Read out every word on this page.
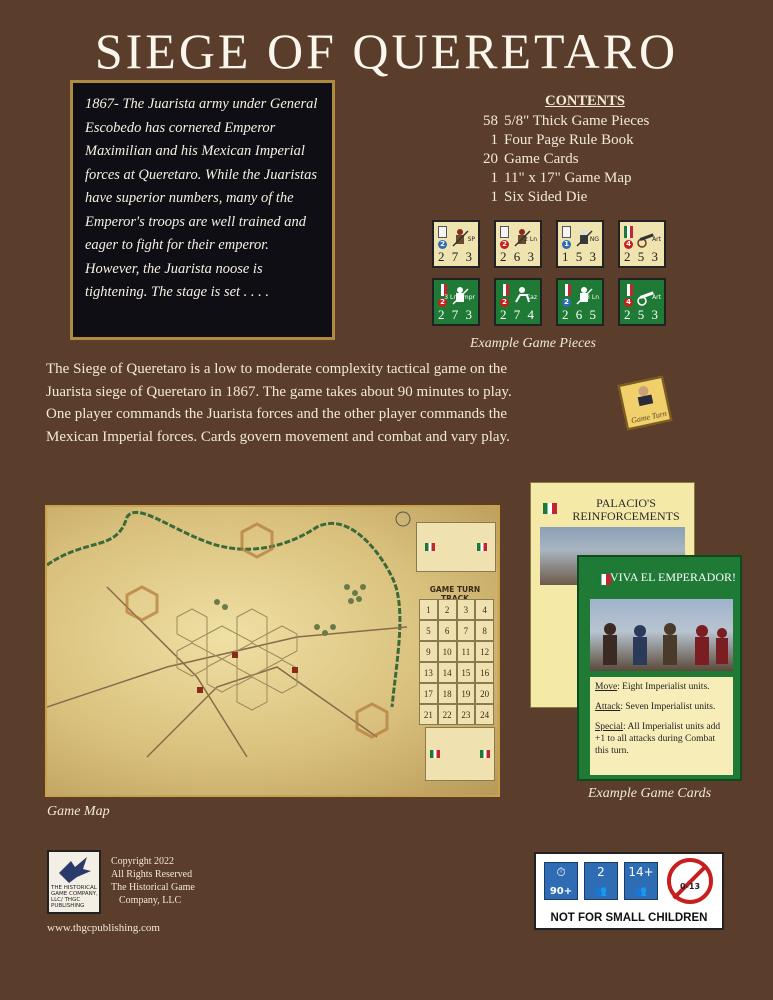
SIEGE OF QUERETARO
1867- The Juarista army under General Escobedo has cornered Emperor Maximilian and his Mexican Imperial forces at Queretaro. While the Juaristas have superior numbers, many of the Emperor's troops are well trained and eager to fight for their emperor. However, the Juarista noose is tightening. The stage is set . . . .
CONTENTS
58 5/8" Thick Game Pieces
1 Four Page Rule Book
20 Game Cards
1 11" x 17" Game Map
1 Six Sided Die
2
SP
2 7 3
2
2 Ln
2 6 3
1
NG
1 5 3
4
Art
2 5 3
2
3 Ln Empr
2 7 3
2
Caz
2 7 4
2
3 Ln
2 6 5
4
Art
2 5 3
Example Game Pieces
The Siege of Queretaro is a low to moderate complexity tactical game on the Juarista siege of Queretaro in 1867. The game takes about 90 minutes to play. One player commands the Juarista forces and the other player commands the Mexican Imperial forces. Cards govern movement and combat and vary play.
Game Turn
GAME TURN
1	2	3	4
5	6	7	8
9	10	11	12
13	14	15	16
17	18	19	20
21	22	23	24
Game Map
PALACIO'S REINFORCEMENTS
VIVA EL EMPERADOR!
Move: Eight Imperialist units.
Attack: Seven Imperialist units.
Special: All Imperialist units add +1 to all attacks during Combat this turn.
Example Game Cards
THE HISTORICAL GAME COMPANY, LLC/ THGC PUBLISHING
Copyright 2022
All Rights Reserved
The Historical Game
Company, LLC
www.thgcpublishing.com
⏱
90+
2
👥
14+
👥	0-13
NOT FOR SMALL CHILDREN
